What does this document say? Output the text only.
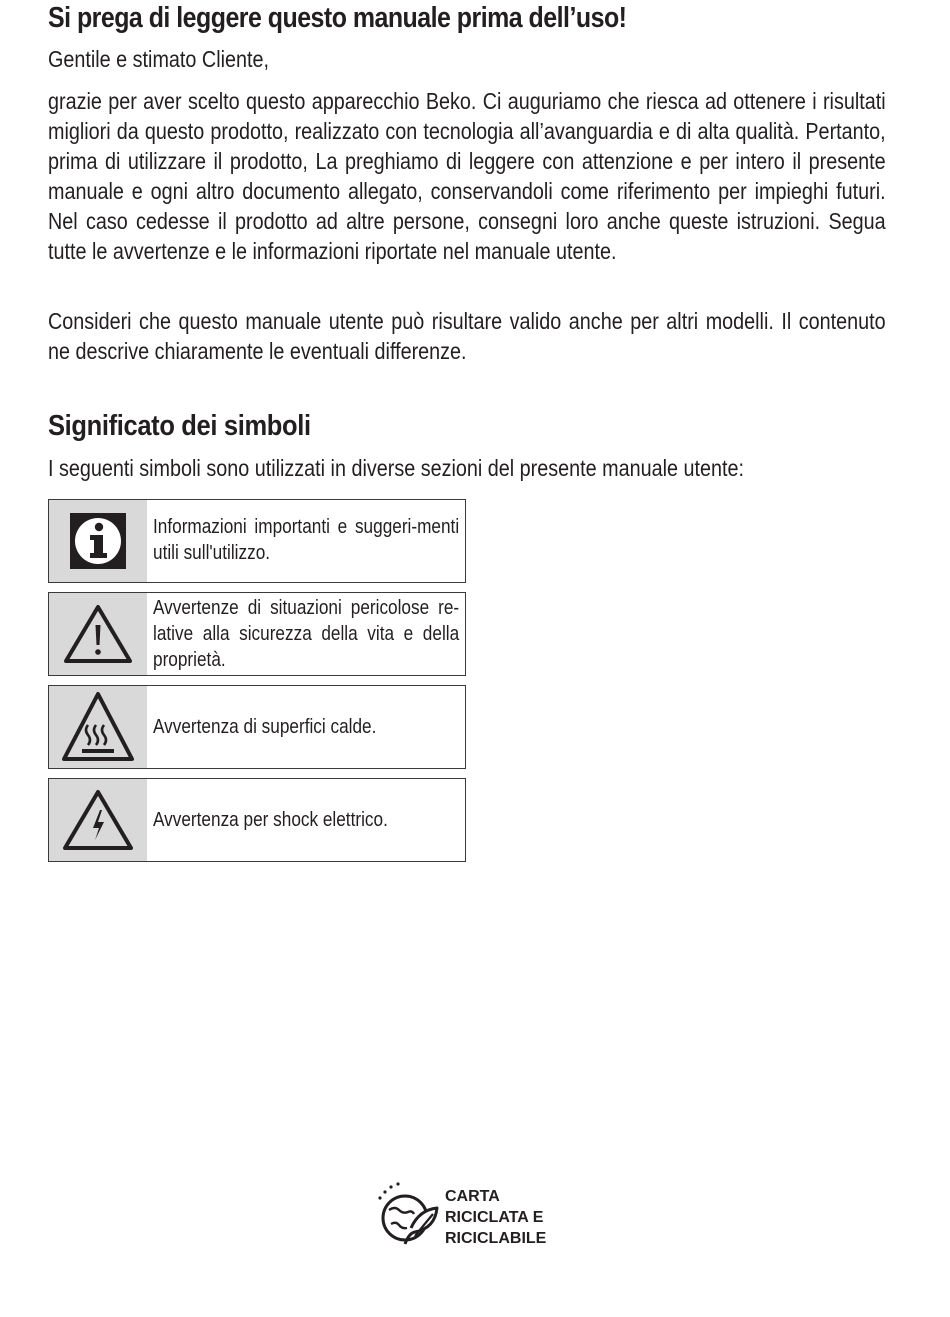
Si prega di leggere questo manuale prima dell’uso!
Gentile e stimato Cliente,
grazie per aver scelto questo apparecchio Beko. Ci auguriamo che riesca ad ottenere i risultati migliori da questo prodotto, realizzato con tecnologia all’avanguardia e di alta qualità. Pertanto, prima di utilizzare il prodotto, La preghiamo di leggere con attenzione e per intero il presente manuale e ogni altro documento allegato, conservandoli come riferimento per impieghi futuri. Nel caso cedesse il prodotto ad altre persone, consegni loro anche queste istruzioni. Segua tutte le avvertenze e le informazioni riportate nel manuale utente.
Consideri che questo manuale utente può risultare valido anche per altri modelli. Il contenuto ne descrive chiaramente le eventuali differenze.
Significato dei simboli
I seguenti simboli sono utilizzati in diverse sezioni del presente manuale utente:
Informazioni importanti e suggeri-menti utili sull'utilizzo.
Avvertenze di situazioni pericolose re-lative alla sicurezza della vita e della proprietà.
Avvertenza di superfici calde.
Avvertenza per shock elettrico.
CARTA
RICICLATA E
RICICLABILE
